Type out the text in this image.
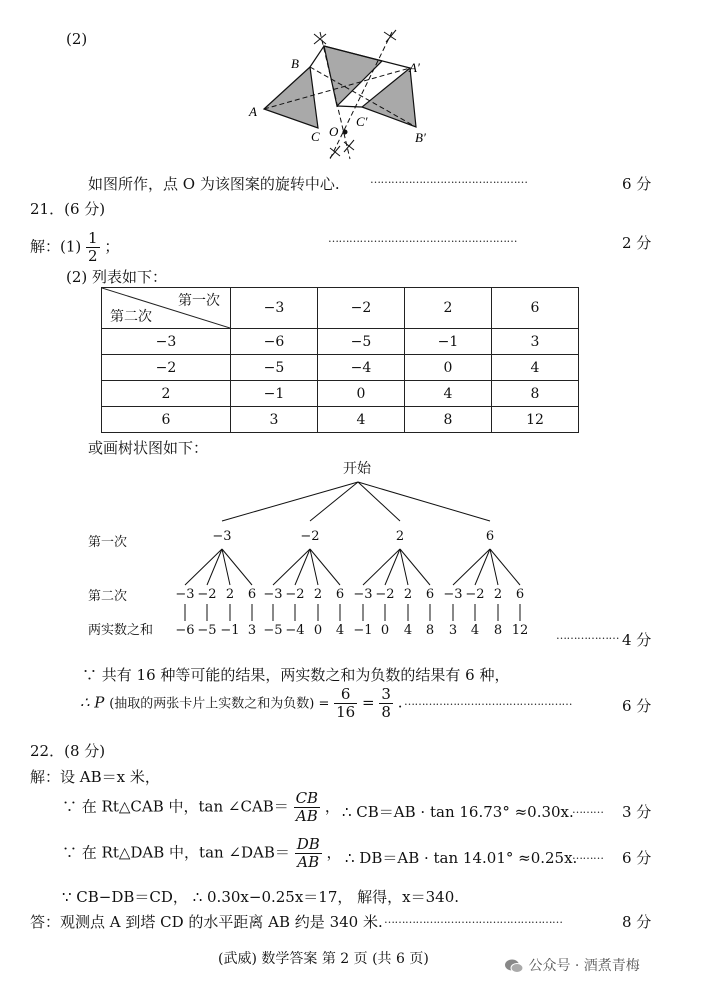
(2)
B	A′
A
C′
C O	B′
如图所作，点 O 为该图案的旋转中心.	………………………………………	6 分
21．(6 分)
解：$(1) \frac{1}{2}$ ；	………………………………………………	2 分
(2) 列表如下：
第一次
第二次	−3	−2	2	6
−3	−6	−5	−1	3
−2	−5	−4	0	4
2	−1	0	4	8
6	3	4	8	12
或画树状图如下：
开始
第一次
第二次
两实数之和
−3
−3
−6
−2
−5
2
−1
6
3
−2
−3
−5
−2
−4
2
0
6
4
2
−3
−1
−2
0
2
4
6
8
6
−3
3
−2
4
2
8
6
12	……………… 4 分
∵ 共有 16 种等可能的结果，两实数之和为负数的结果有 6 种，
∴ P (抽取的两张卡片上实数之和为负数) = $\frac{6}{16} = \frac{3}{8}$ . …………………………………………	6 分
22．(8 分)
解：设 AB＝x 米，
∵ 在 Rt△CAB 中，tan ∠CAB＝ $\frac{CB}{AB}$ ， ∴ CB＝AB · tan 16.73° ≈0.30x.
……… 3 分
∵ 在 Rt△DAB 中，tan ∠DAB＝ $\frac{DB}{AB}$ ， ∴ DB＝AB · tan 14.01° ≈0.25x.
……… 6 分
∵ CB−DB＝CD， ∴ 0.30x−0.25x＝17， 解得，x＝340.
答：观测点 A 到塔 CD 的水平距离 AB 约是 340 米. ……………………………………………	8 分
(武威) 数学答案 第 2 页 (共 6 页)	公众号 · 酒煮青梅
